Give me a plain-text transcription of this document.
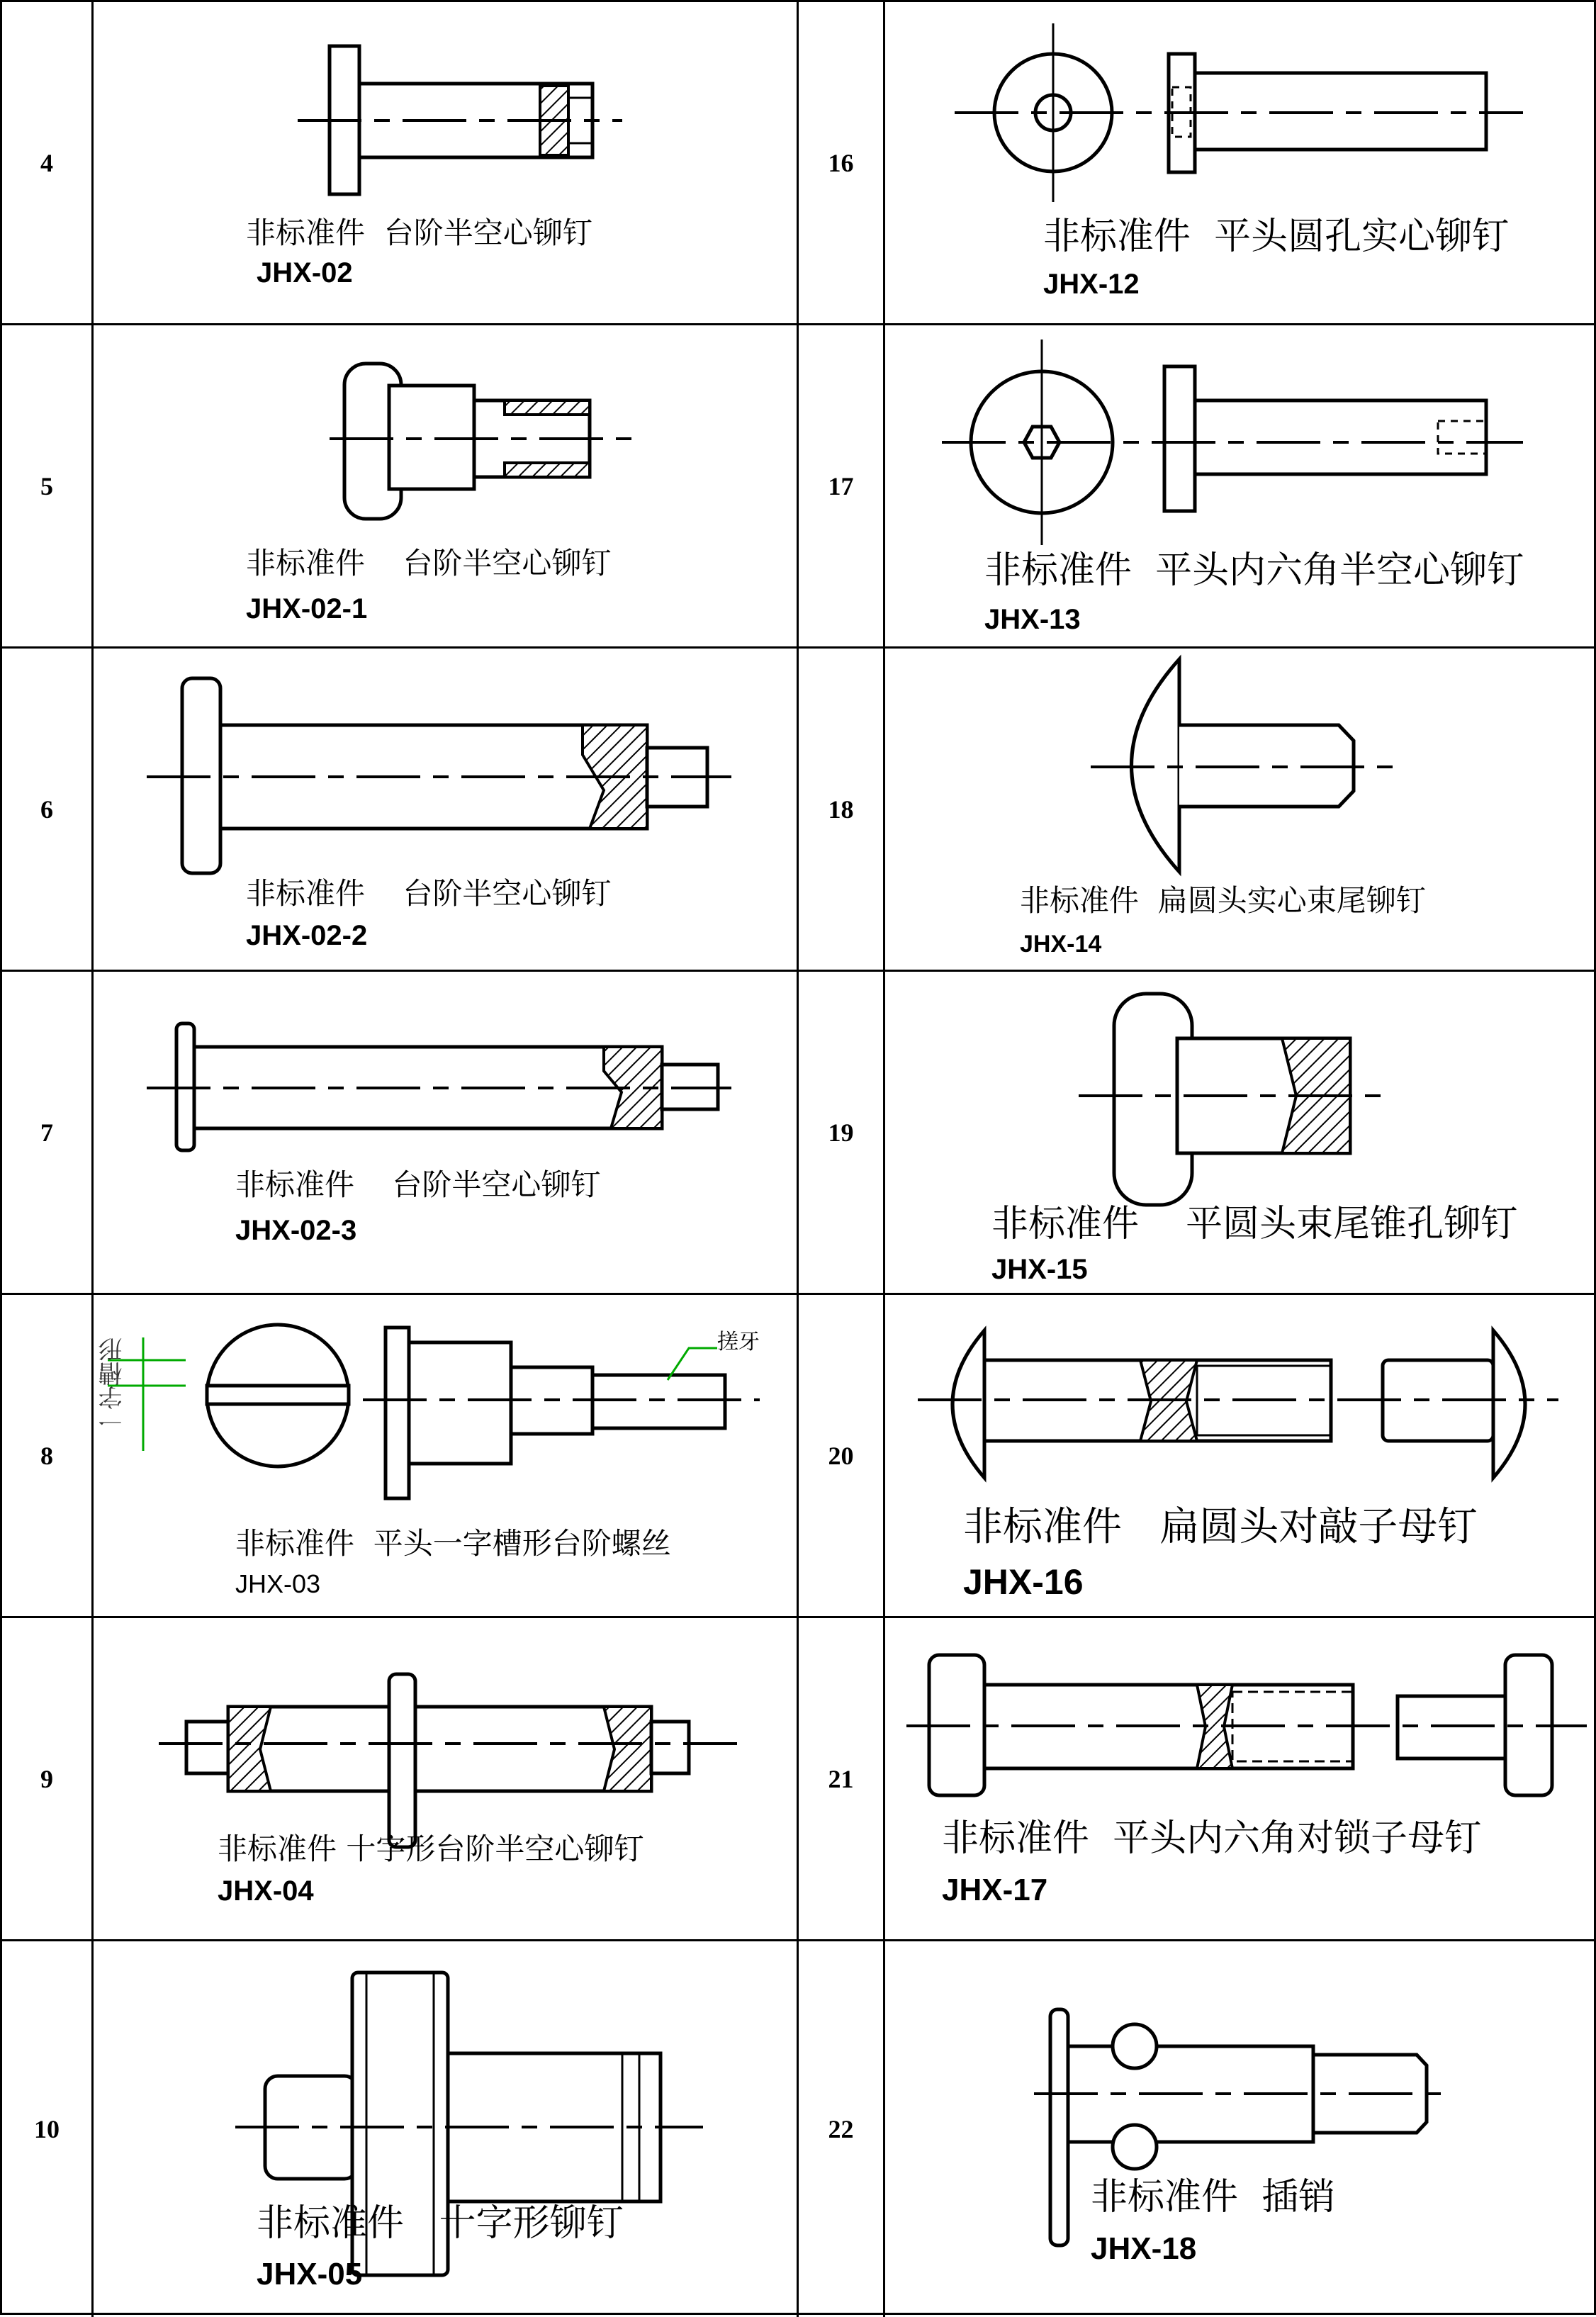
4
非标准件 台阶半空心铆钉
JHX-02
16
非标准件 平头圆孔实心铆钉
JHX-12
5
非标准件 台阶半空心铆钉
JHX-02-1
17
非标准件 平头内六角半空心铆钉
JHX-13
6
非标准件 台阶半空心铆钉
JHX-02-2
18
非标准件 扁圆头实心束尾铆钉
JHX-14
7
非标准件 台阶半空心铆钉
JHX-02-3
19
非标准件 平圆头束尾锥孔铆钉
JHX-15
8
搓牙
一字槽形
非标准件 平头一字槽形台阶螺丝
JHX-03
20
非标准件 扁圆头对敲子母钉
JHX-16
9
非标准件 十字形台阶半空心铆钉
JHX-04
21
非标准件 平头内六角对锁子母钉
JHX-17
10
非标准件 十字形铆钉
JHX-05
22
非标准件 插销
JHX-18
